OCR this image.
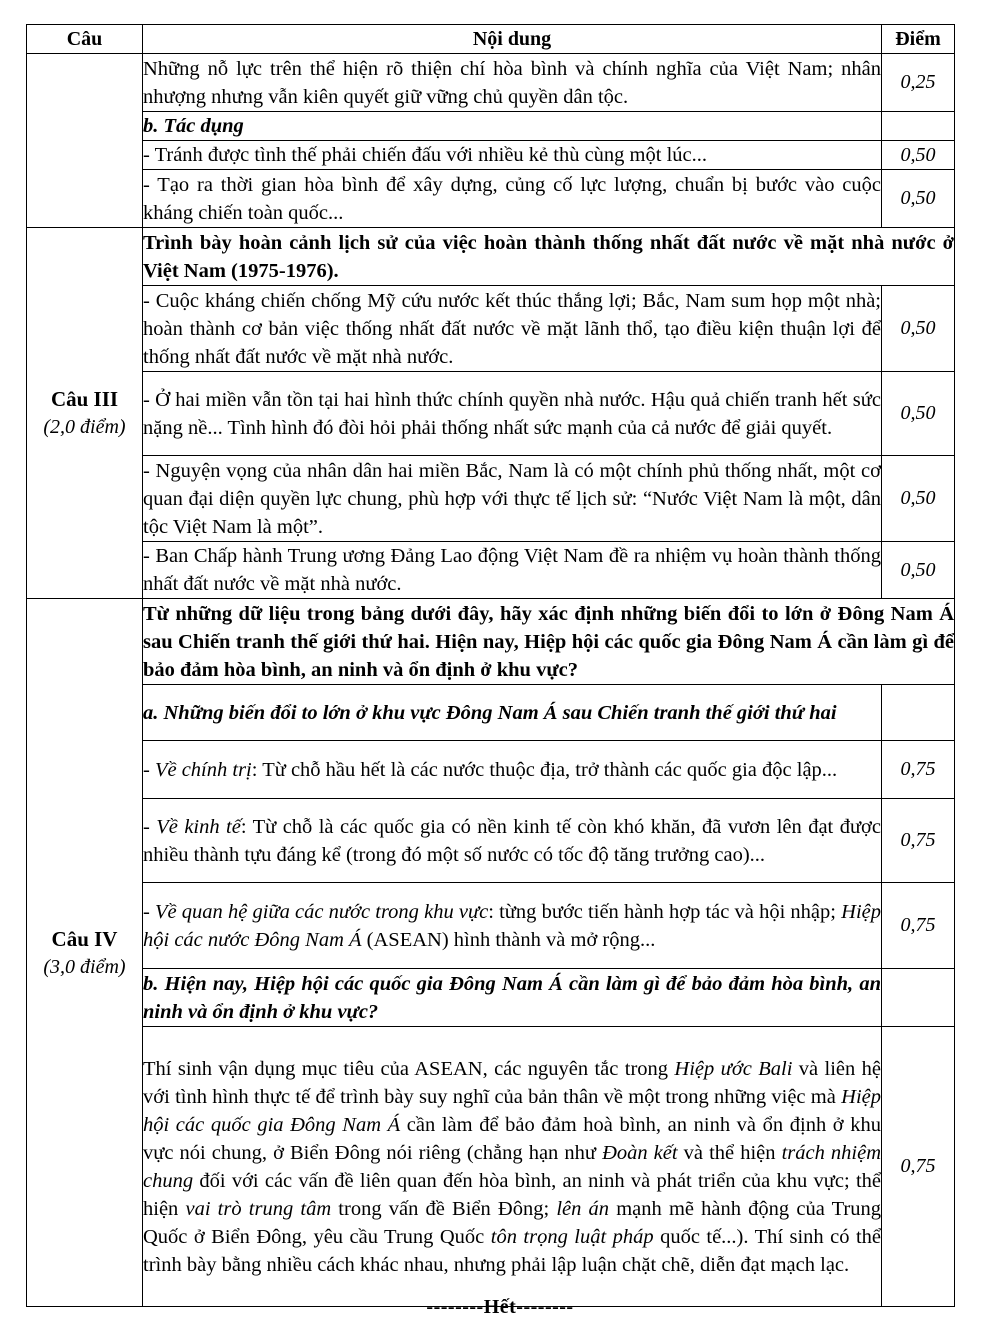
Câu	Nội dung	Điểm
	Những nỗ lực trên thể hiện rõ thiện chí hòa bình và chính nghĩa của Việt Nam; nhân nhượng nhưng vẫn kiên quyết giữ vững chủ quyền dân tộc.	0,25
	b. Tác dụng	
	- Tránh được tình thế phải chiến đấu với nhiều kẻ thù cùng một lúc...	0,50
	- Tạo ra thời gian hòa bình để xây dựng, củng cố lực lượng, chuẩn bị bước vào cuộc kháng chiến toàn quốc...	0,50

Câu III
(2,0 điểm)	Trình bày hoàn cảnh lịch sử của việc hoàn thành thống nhất đất nước về mặt nhà nước ở Việt Nam (1975-1976).	
	- Cuộc kháng chiến chống Mỹ cứu nước kết thúc thắng lợi; Bắc, Nam sum họp một nhà; hoàn thành cơ bản việc thống nhất đất nước về mặt lãnh thổ, tạo điều kiện thuận lợi để thống nhất đất nước về mặt nhà nước.	0,50
	- Ở hai miền vẫn tồn tại hai hình thức chính quyền nhà nước. Hậu quả chiến tranh hết sức nặng nề... Tình hình đó đòi hỏi phải thống nhất sức mạnh của cả nước để giải quyết.	0,50
	- Nguyện vọng của nhân dân hai miền Bắc, Nam là có một chính phủ thống nhất, một cơ quan đại diện quyền lực chung, phù hợp với thực tế lịch sử: “Nước Việt Nam là một, dân tộc Việt Nam là một”.	0,50
	- Ban Chấp hành Trung ương Đảng Lao động Việt Nam đề ra nhiệm vụ hoàn thành thống nhất đất nước về mặt nhà nước.	0,50

Câu IV
(3,0 điểm)	Từ những dữ liệu trong bảng dưới đây, hãy xác định những biến đổi to lớn ở Đông Nam Á sau Chiến tranh thế giới thứ hai. Hiện nay, Hiệp hội các quốc gia Đông Nam Á cần làm gì để bảo đảm hòa bình, an ninh và ổn định ở khu vực?	
	a. Những biến đổi to lớn ở khu vực Đông Nam Á sau Chiến tranh thế giới thứ hai	
	- Về chính trị: Từ chỗ hầu hết là các nước thuộc địa, trở thành các quốc gia độc lập...	0,75
	- Về kinh tế: Từ chỗ là các quốc gia có nền kinh tế còn khó khăn, đã vươn lên đạt được nhiều thành tựu đáng kể (trong đó một số nước có tốc độ tăng trưởng cao)...	0,75
	- Về quan hệ giữa các nước trong khu vực: từng bước tiến hành hợp tác và hội nhập; Hiệp hội các nước Đông Nam Á (ASEAN) hình thành và mở rộng...	0,75
	b. Hiện nay, Hiệp hội các quốc gia Đông Nam Á cần làm gì để bảo đảm hòa bình, an ninh và ổn định ở khu vực?	
	Thí sinh vận dụng mục tiêu của ASEAN, các nguyên tắc trong Hiệp ước Bali và liên hệ với tình hình thực tế để trình bày suy nghĩ của bản thân về một trong những việc mà Hiệp hội các quốc gia Đông Nam Á cần làm để bảo đảm hoà bình, an ninh và ổn định ở khu vực nói chung, ở Biển Đông nói riêng (chẳng hạn như Đoàn kết và thể hiện trách nhiệm chung đối với các vấn đề liên quan đến hòa bình, an ninh và phát triển của khu vực; thể hiện vai trò trung tâm trong vấn đề Biển Đông; lên án mạnh mẽ hành động của Trung Quốc ở Biển Đông, yêu cầu Trung Quốc tôn trọng luật pháp quốc tế...). Thí sinh có thể trình bày bằng nhiều cách khác nhau, nhưng phải lập luận chặt chẽ, diễn đạt mạch lạc.	0,75
--------Hết--------
